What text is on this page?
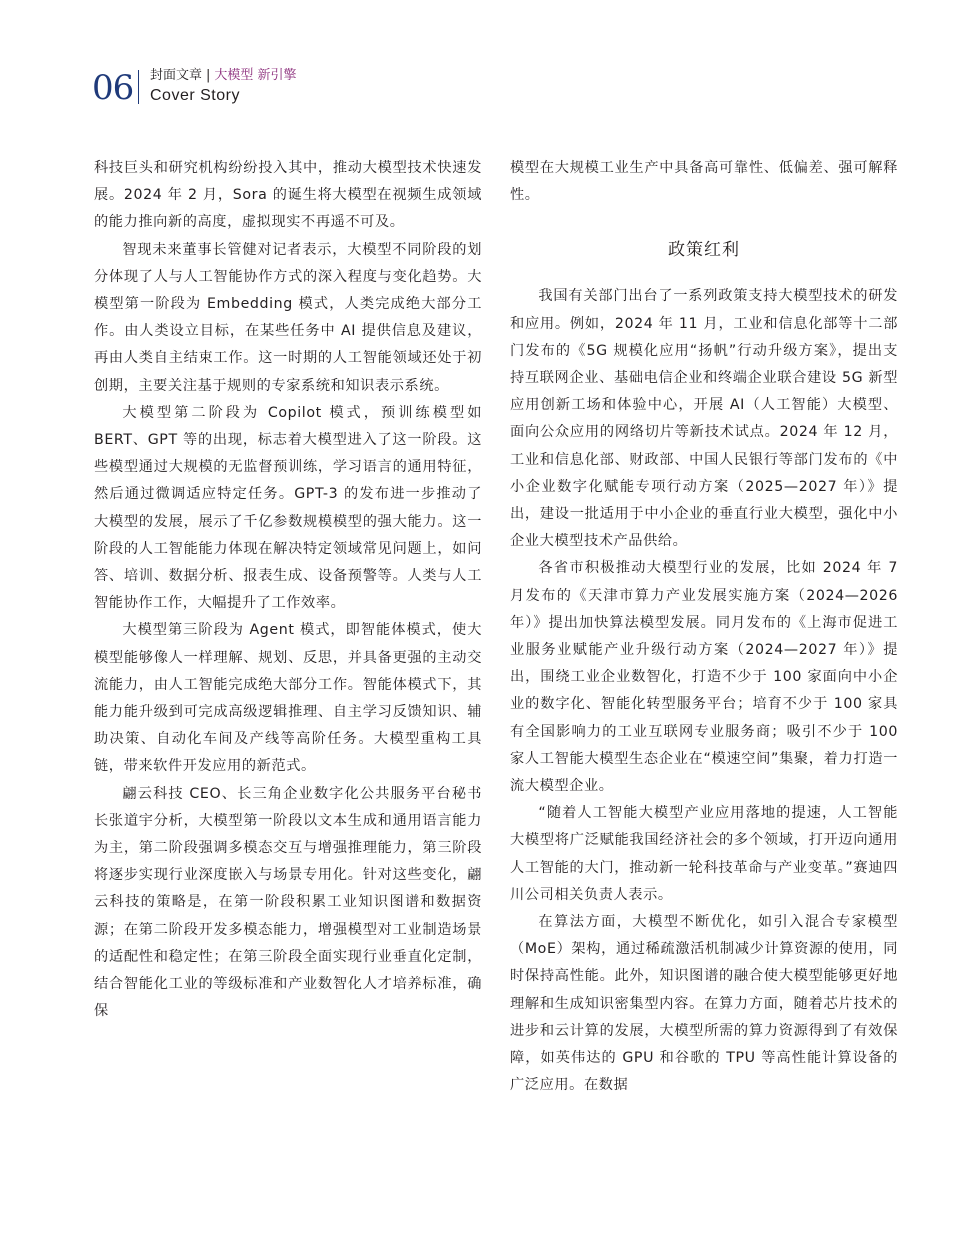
06 封面文章 | 大模型 新引擎
Cover Story

科技巨头和研究机构纷纷投入其中，推动大模型技术快速发展。2024 年 2 月，Sora 的诞生将大模型在视频生成领域的能力推向新的高度，虚拟现实不再遥不可及。

智现未来董事长管健对记者表示，大模型不同阶段的划分体现了人与人工智能协作方式的深入程度与变化趋势。大模型第一阶段为 Embedding 模式，人类完成绝大部分工作。由人类设立目标，在某些任务中 AI 提供信息及建议，再由人类自主结束工作。这一时期的人工智能领域还处于初创期，主要关注基于规则的专家系统和知识表示系统。

大模型第二阶段为 Copilot 模式，预训练模型如 BERT、GPT 等的出现，标志着大模型进入了这一阶段。这些模型通过大规模的无监督预训练，学习语言的通用特征，然后通过微调适应特定任务。GPT-3 的发布进一步推动了大模型的发展，展示了千亿参数规模模型的强大能力。这一阶段的人工智能能力体现在解决特定领域常见问题上，如问答、培训、数据分析、报表生成、设备预警等。人类与人工智能协作工作，大幅提升了工作效率。

大模型第三阶段为 Agent 模式，即智能体模式，使大模型能够像人一样理解、规划、反思，并具备更强的主动交流能力，由人工智能完成绝大部分工作。智能体模式下，其能力能升级到可完成高级逻辑推理、自主学习反馈知识、辅助决策、自动化车间及产线等高阶任务。大模型重构工具链，带来软件开发应用的新范式。

翩云科技 CEO、长三角企业数字化公共服务平台秘书长张道宇分析，大模型第一阶段以文本生成和通用语言能力为主，第二阶段强调多模态交互与增强推理能力，第三阶段将逐步实现行业深度嵌入与场景专用化。针对这些变化，翩云科技的策略是，在第一阶段积累工业知识图谱和数据资源；在第二阶段开发多模态能力，增强模型对工业制造场景的适配性和稳定性；在第三阶段全面实现行业垂直化定制，结合智能化工业的等级标准和产业数智化人才培养标准，确保

模型在大规模工业生产中具备高可靠性、低偏差、强可解释性。

政策红利

我国有关部门出台了一系列政策支持大模型技术的研发和应用。例如，2024 年 11 月，工业和信息化部等十二部门发布的《5G 规模化应用“扬帆”行动升级方案》，提出支持互联网企业、基础电信企业和终端企业联合建设 5G 新型应用创新工场和体验中心，开展 AI（人工智能）大模型、面向公众应用的网络切片等新技术试点。2024 年 12 月，工业和信息化部、财政部、中国人民银行等部门发布的《中小企业数字化赋能专项行动方案（2025—2027 年）》提出，建设一批适用于中小企业的垂直行业大模型，强化中小企业大模型技术产品供给。

各省市积极推动大模型行业的发展，比如 2024 年 7 月发布的《天津市算力产业发展实施方案（2024—2026 年）》提出加快算法模型发展。同月发布的《上海市促进工业服务业赋能产业升级行动方案（2024—2027 年）》提出，围绕工业企业数智化，打造不少于 100 家面向中小企业的数字化、智能化转型服务平台；培育不少于 100 家具有全国影响力的工业互联网专业服务商；吸引不少于 100 家人工智能大模型生态企业在“模速空间”集聚，着力打造一流大模型企业。

“随着人工智能大模型产业应用落地的提速，人工智能大模型将广泛赋能我国经济社会的多个领域，打开迈向通用人工智能的大门，推动新一轮科技革命与产业变革。”赛迪四川公司相关负责人表示。

在算法方面，大模型不断优化，如引入混合专家模型（MoE）架构，通过稀疏激活机制减少计算资源的使用，同时保持高性能。此外，知识图谱的融合使大模型能够更好地理解和生成知识密集型内容。在算力方面，随着芯片技术的进步和云计算的发展，大模型所需的算力资源得到了有效保障，如英伟达的 GPU 和谷歌的 TPU 等高性能计算设备的广泛应用。在数据
